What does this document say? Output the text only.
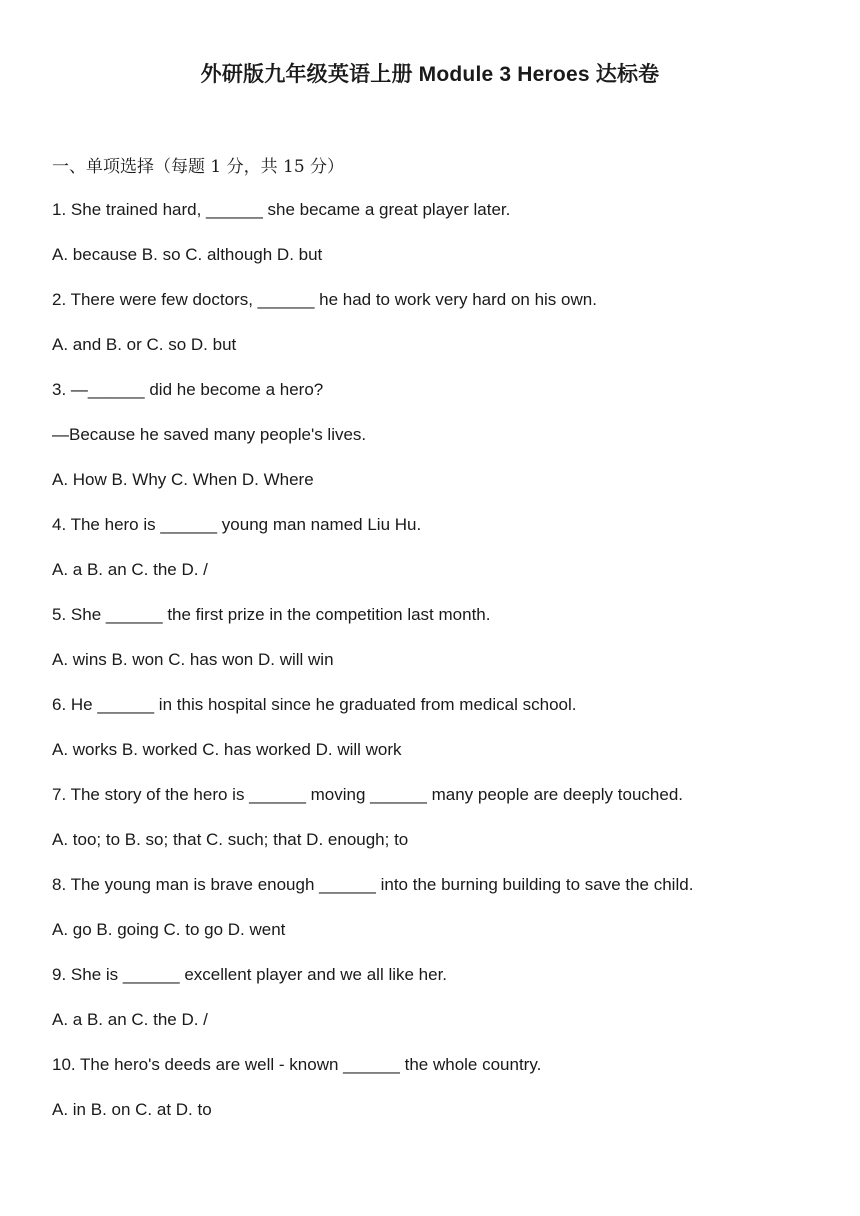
外研版九年级英语上册 Module 3 Heroes 达标卷
一、单项选择（每题 1 分，共 15 分）
1. She trained hard, ______ she became a great player later.
A. because B. so C. although D. but
2. There were few doctors, ______ he had to work very hard on his own.
A. and B. or C. so D. but
3. —______ did he become a hero?
—Because he saved many people's lives.
A. How B. Why C. When D. Where
4. The hero is ______ young man named Liu Hu.
A. a B. an C. the D. /
5. She ______ the first prize in the competition last month.
A. wins B. won C. has won D. will win
6. He ______ in this hospital since he graduated from medical school.
A. works B. worked C. has worked D. will work
7. The story of the hero is ______ moving ______ many people are deeply touched.
A. too; to B. so; that C. such; that D. enough; to
8. The young man is brave enough ______ into the burning building to save the child.
A. go B. going C. to go D. went
9. She is ______ excellent player and we all like her.
A. a B. an C. the D. /
10. The hero's deeds are well - known ______ the whole country.
A. in B. on C. at D. to
